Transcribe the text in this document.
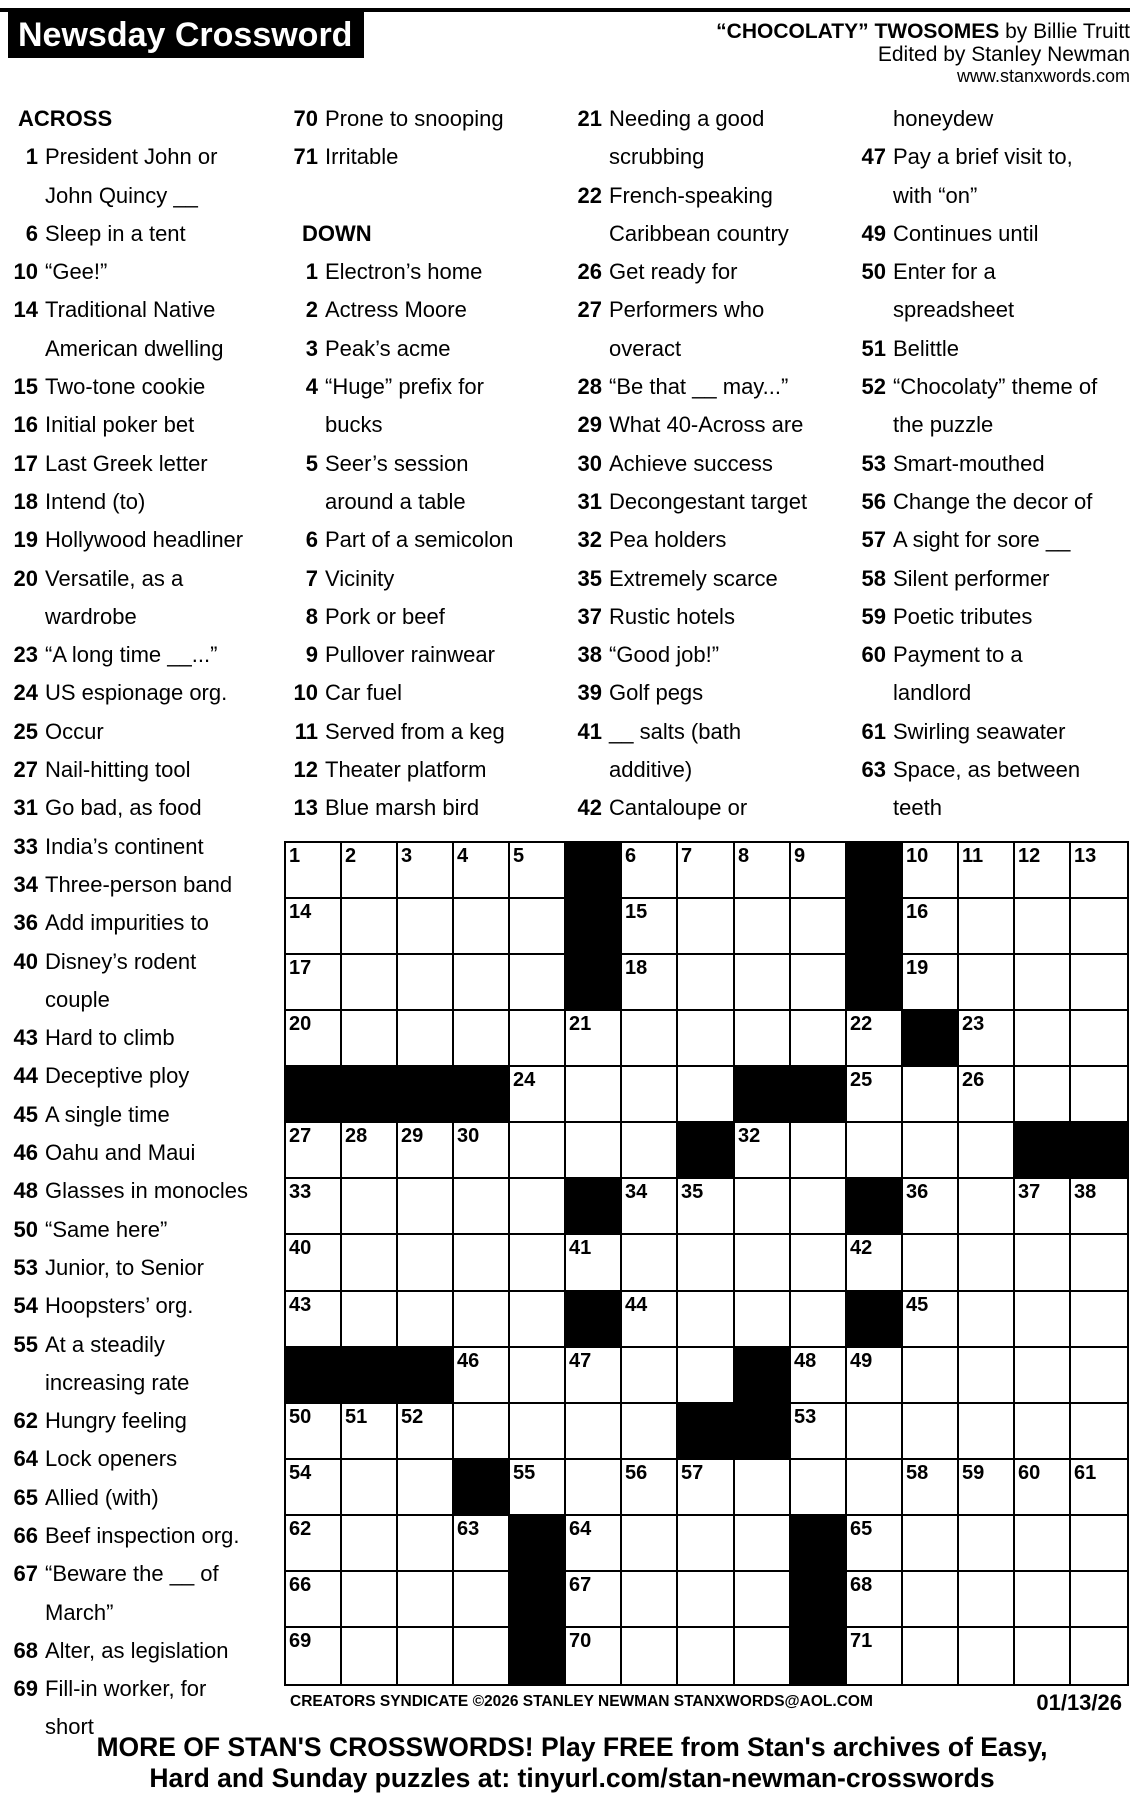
Newsday Crossword	“CHOCOLATY” TWOSOMES by Billie Truitt
Edited by Stanley Newman
www.stanxwords.com
ACROSS
1 President John or
John Quincy __
6 Sleep in a tent
10 “Gee!”
14 Traditional Native
American dwelling
15 Two-tone cookie
16 Initial poker bet
17 Last Greek letter
18 Intend (to)
19 Hollywood headliner
20 Versatile, as a
wardrobe
23 “A long time __...”
24 US espionage org.
25 Occur
27 Nail-hitting tool
31 Go bad, as food
33 India’s continent
34 Three-person band
36 Add impurities to
40 Disney’s rodent
couple
43 Hard to climb
44 Deceptive ploy
45 A single time
46 Oahu and Maui
48 Glasses in monocles
50 “Same here”
53 Junior, to Senior
54 Hoopsters’ org.
55 At a steadily
increasing rate
62 Hungry feeling
64 Lock openers
65 Allied (with)
66 Beef inspection org.
67 “Beware the __ of
March”
68 Alter, as legislation
69 Fill-in worker, for
short
70 Prone to snooping
71 Irritable
DOWN
1 Electron’s home
2 Actress Moore
3 Peak’s acme
4 “Huge” prefix for
bucks
5 Seer’s session
around a table
6 Part of a semicolon
7 Vicinity
8 Pork or beef
9 Pullover rainwear
10 Car fuel
11 Served from a keg
12 Theater platform
13 Blue marsh bird
21 Needing a good
scrubbing
22 French-speaking
Caribbean country
26 Get ready for
27 Performers who
overact
28 “Be that __ may...”
29 What 40-Across are
30 Achieve success
31 Decongestant target
32 Pea holders
35 Extremely scarce
37 Rustic hotels
38 “Good job!”
39 Golf pegs
41 __ salts (bath
additive)
42 Cantaloupe or
honeydew
47 Pay a brief visit to,
with “on”
49 Continues until
50 Enter for a
spreadsheet
51 Belittle
52 “Chocolaty” theme of
the puzzle
53 Smart-mouthed
56 Change the decor of
57 A sight for sore __
58 Silent performer
59 Poetic tributes
60 Payment to a
landlord
61 Swirling seawater
63 Space, as between
teeth
1 2 3 4 5	6 7 8 9	10 11 12 13
14	15	16
17	18	19
20	21	22	23
24	25	26
27 28 29 30	32
33	34 35	36	37 38
40	41	42
43	44	45
46	47	48 49
50 51 52	53
54	55	56 57	58 59 60 61
62	63	64	65
66	67	68
69	70	71
CREATORS SYNDICATE ©2026 STANLEY NEWMAN STANXWORDS@AOL.COM	01/13/26
MORE OF STAN'S CROSSWORDS! Play FREE from Stan's archives of Easy,
Hard and Sunday puzzles at: tinyurl.com/stan-newman-crosswords
